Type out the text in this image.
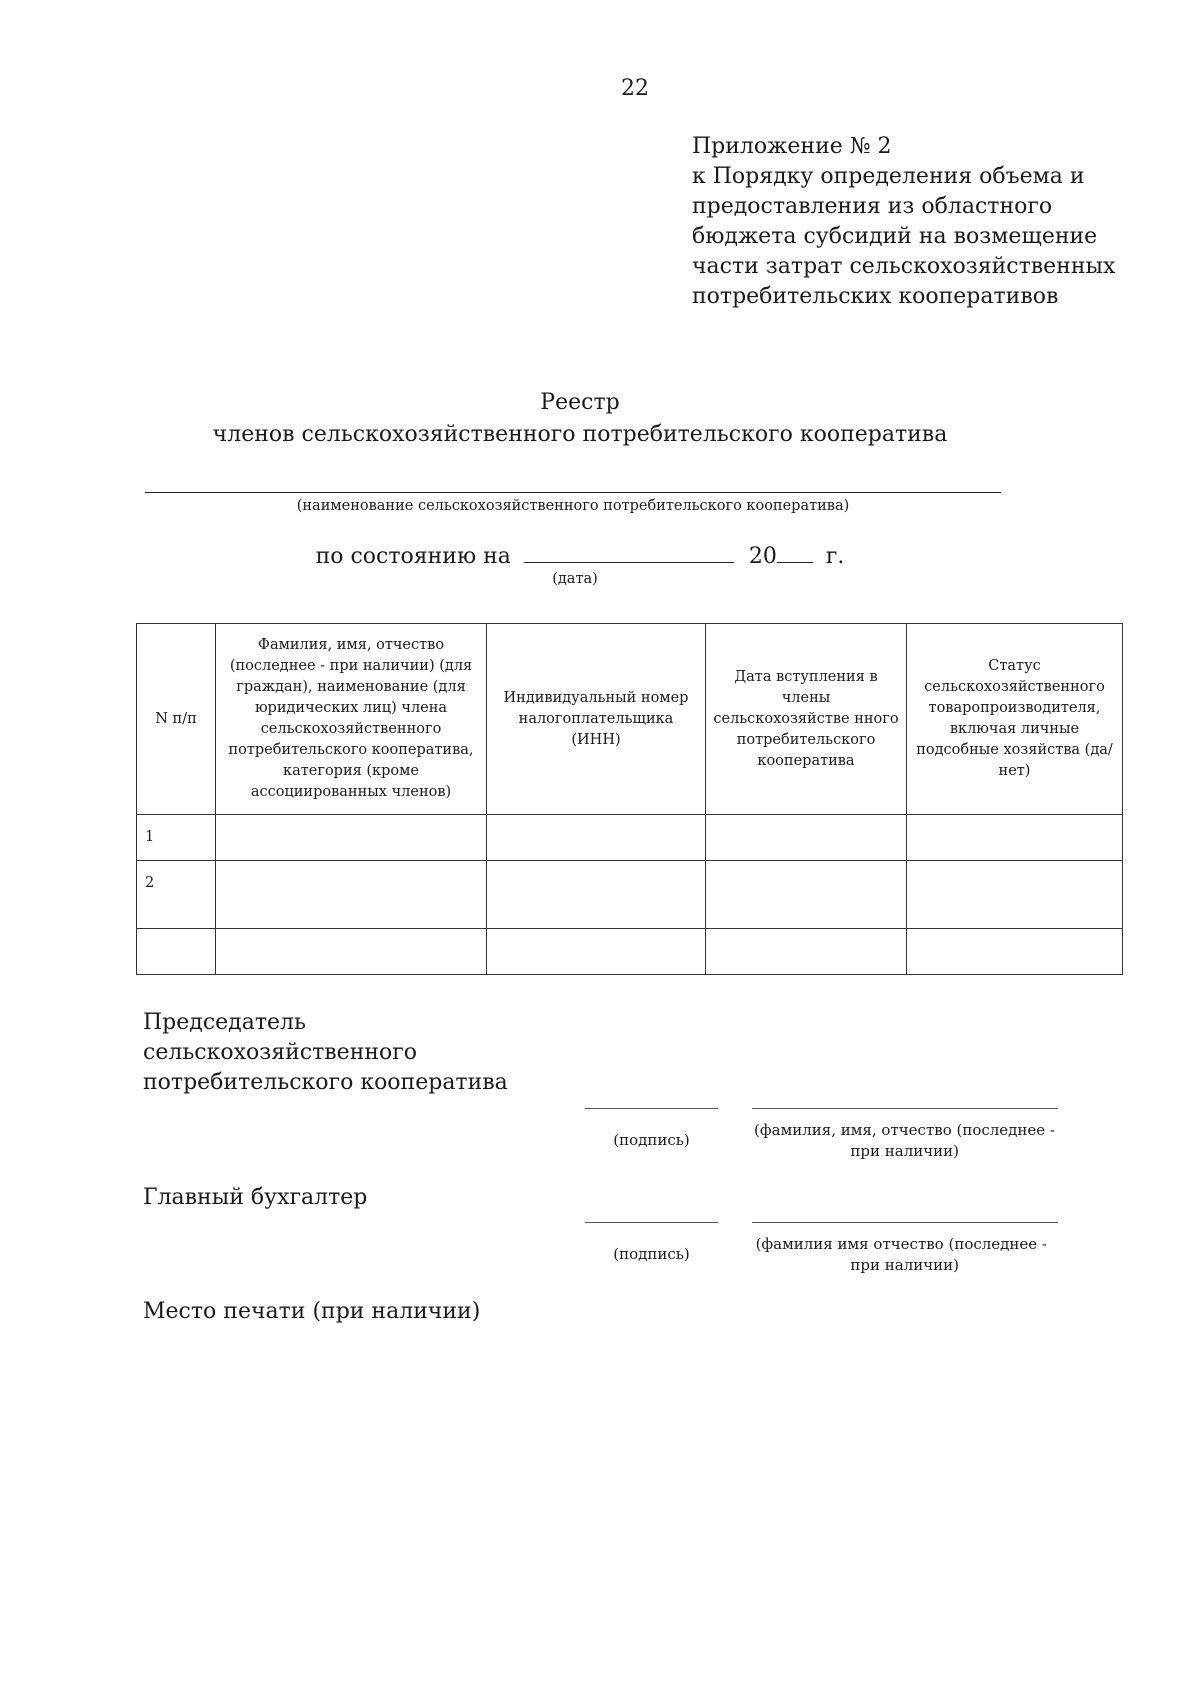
22
Приложение № 2
к Порядку определения объема и
предоставления из областного
бюджета субсидий на возмещение
части затрат сельскохозяйственных
потребительских кооперативов
Реестр
членов сельскохозяйственного потребительского кооператива
(наименование сельскохозяйственного потребительского кооператива)
по состоянию на	20 г.
(дата)
N п/п	Фамилия, имя, отчество (последнее - при наличии) (для граждан), наименование (для юридических лиц) члена сельскохозяйственного потребительского кооператива, категория (кроме ассоциированных членов)	Индивидуальный номер налогоплательщика (ИНН)	Дата вступления в члены сельскохозяйстве нного потребительского кооператива	Статус сельскохозяйственного товаропроизводителя, включая личные подсобные хозяйства (да/нет)
1				
2				

Председатель
сельскохозяйственного
потребительского кооператива
(подпись)
(фамилия, имя, отчество (последнее -
при наличии)
Главный бухгалтер
(подпись)
(фамилия имя отчество (последнее -
при наличии)
Место печати (при наличии)
